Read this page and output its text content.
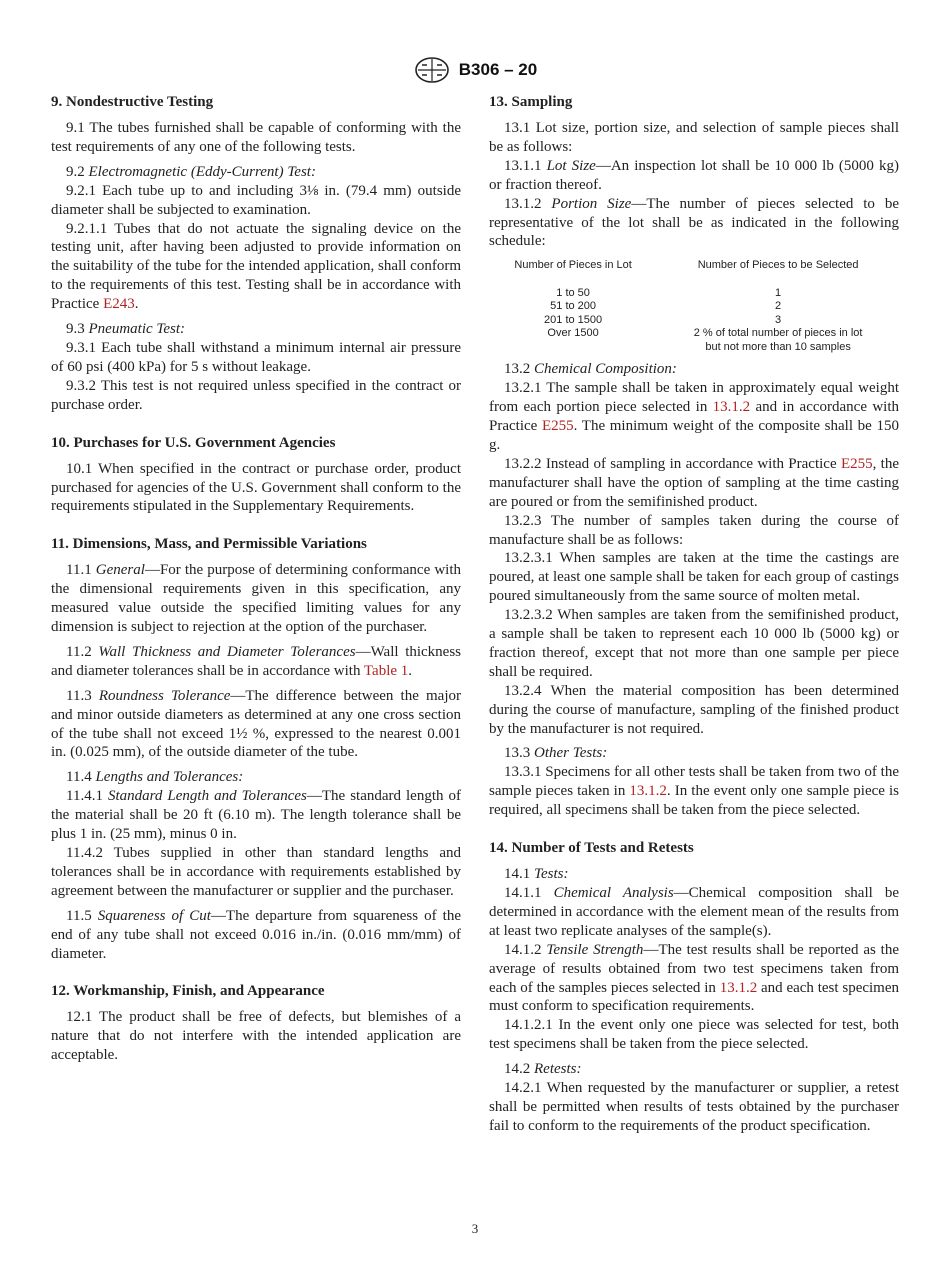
B306 – 20
9. Nondestructive Testing

9.1 The tubes furnished shall be capable of conforming with the test requirements of any one of the following tests.

9.2 Electromagnetic (Eddy-Current) Test:

9.2.1 Each tube up to and including 3⅛ in. (79.4 mm) outside diameter shall be subjected to examination.

9.2.1.1 Tubes that do not actuate the signaling device on the testing unit, after having been adjusted to provide information on the suitability of the tube for the intended application, shall conform to the requirements of this test. Testing shall be in accordance with Practice E243.

9.3 Pneumatic Test:

9.3.1 Each tube shall withstand a minimum internal air pressure of 60 psi (400 kPa) for 5 s without leakage.

9.3.2 This test is not required unless specified in the contract or purchase order.

10. Purchases for U.S. Government Agencies

10.1 When specified in the contract or purchase order, product purchased for agencies of the U.S. Government shall conform to the requirements stipulated in the Supplementary Requirements.

11. Dimensions, Mass, and Permissible Variations

11.1 General—For the purpose of determining conformance with the dimensional requirements given in this specification, any measured value outside the specified limiting values for any dimension is subject to rejection at the option of the purchaser.

11.2 Wall Thickness and Diameter Tolerances—Wall thickness and diameter tolerances shall be in accordance with Table 1.

11.3 Roundness Tolerance—The difference between the major and minor outside diameters as determined at any one cross section of the tube shall not exceed 1½ %, expressed to the nearest 0.001 in. (0.025 mm), of the outside diameter of the tube.

11.4 Lengths and Tolerances:

11.4.1 Standard Length and Tolerances—The standard length of the material shall be 20 ft (6.10 m). The length tolerance shall be plus 1 in. (25 mm), minus 0 in.

11.4.2 Tubes supplied in other than standard lengths and tolerances shall be in accordance with requirements established by agreement between the manufacturer or supplier and the purchaser.

11.5 Squareness of Cut—The departure from squareness of the end of any tube shall not exceed 0.016 in./in. (0.016 mm/mm) of diameter.

12. Workmanship, Finish, and Appearance

12.1 The product shall be free of defects, but blemishes of a nature that do not interfere with the intended application are acceptable.

13. Sampling

13.1 Lot size, portion size, and selection of sample pieces shall be as follows:

13.1.1 Lot Size—An inspection lot shall be 10 000 lb (5000 kg) or fraction thereof.

13.1.2 Portion Size—The number of pieces selected to be representative of the lot shall be as indicated in the following schedule:

Number of Pieces in Lot	Number of Pieces to be Selected
1 to 50	1
51 to 200	2
201 to 1500	3
Over 1500	2 % of total number of pieces in lot
but not more than 10 samples

13.2 Chemical Composition:

13.2.1 The sample shall be taken in approximately equal weight from each portion piece selected in 13.1.2 and in accordance with Practice E255. The minimum weight of the composite shall be 150 g.

13.2.2 Instead of sampling in accordance with Practice E255, the manufacturer shall have the option of sampling at the time casting are poured or from the semifinished product.

13.2.3 The number of samples taken during the course of manufacture shall be as follows:

13.2.3.1 When samples are taken at the time the castings are poured, at least one sample shall be taken for each group of castings poured simultaneously from the same source of molten metal.

13.2.3.2 When samples are taken from the semifinished product, a sample shall be taken to represent each 10 000 lb (5000 kg) or fraction thereof, except that not more than one sample per piece shall be required.

13.2.4 When the material composition has been determined during the course of manufacture, sampling of the finished product by the manufacturer is not required.

13.3 Other Tests:

13.3.1 Specimens for all other tests shall be taken from two of the sample pieces taken in 13.1.2. In the event only one sample piece is required, all specimens shall be taken from the piece selected.

14. Number of Tests and Retests

14.1 Tests:

14.1.1 Chemical Analysis—Chemical composition shall be determined in accordance with the element mean of the results from at least two replicate analyses of the sample(s).

14.1.2 Tensile Strength—The test results shall be reported as the average of results obtained from two test specimens taken from each of the samples pieces selected in 13.1.2 and each test specimen must conform to specification requirements.

14.1.2.1 In the event only one piece was selected for test, both test specimens shall be taken from the piece selected.

14.2 Retests:

14.2.1 When requested by the manufacturer or supplier, a retest shall be permitted when results of tests obtained by the purchaser fail to conform to the requirements of the product specification.

3
